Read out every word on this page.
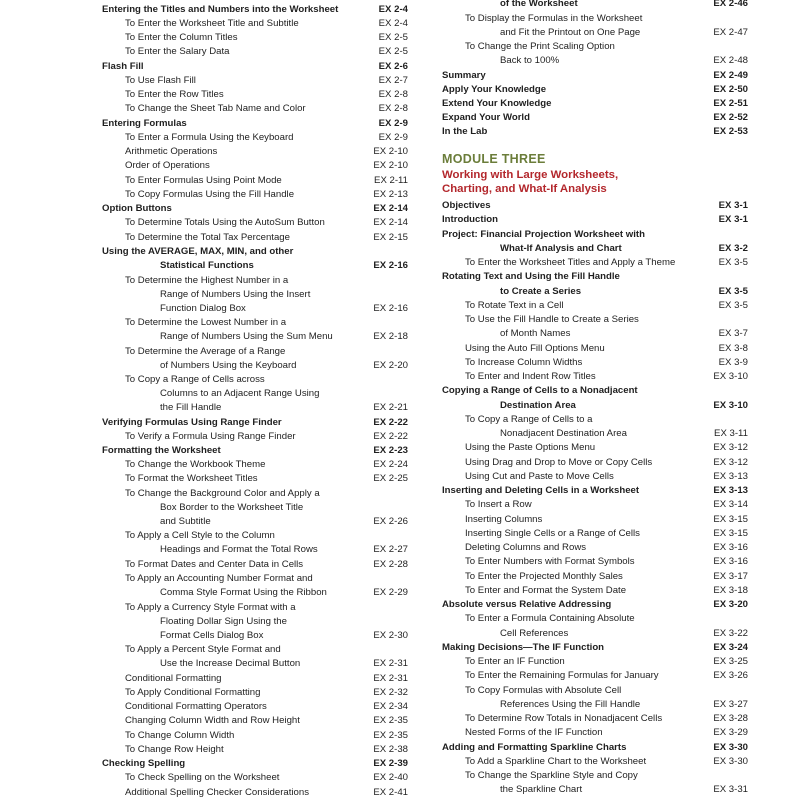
Entering the Titles and Numbers into the Worksheet	EX 2-4
To Enter the Worksheet Title and Subtitle	EX 2-4
To Enter the Column Titles	EX 2-5
To Enter the Salary Data	EX 2-5
Flash Fill	EX 2-6
To Use Flash Fill	EX 2-7
To Enter the Row Titles	EX 2-8
To Change the Sheet Tab Name and Color	EX 2-8
Entering Formulas	EX 2-9
To Enter a Formula Using the Keyboard	EX 2-9
Arithmetic Operations	EX 2-10
Order of Operations	EX 2-10
To Enter Formulas Using Point Mode	EX 2-11
To Copy Formulas Using the Fill Handle	EX 2-13
Option Buttons	EX 2-14
To Determine Totals Using the AutoSum Button	EX 2-14
To Determine the Total Tax Percentage	EX 2-15
Using the AVERAGE, MAX, MIN, and other
Statistical Functions	EX 2-16
To Determine the Highest Number in a
Range of Numbers Using the Insert
Function Dialog Box	EX 2-16
To Determine the Lowest Number in a
Range of Numbers Using the Sum Menu	EX 2-18
To Determine the Average of a Range
of Numbers Using the Keyboard	EX 2-20
To Copy a Range of Cells across
Columns to an Adjacent Range Using
the Fill Handle	EX 2-21
Verifying Formulas Using Range Finder	EX 2-22
To Verify a Formula Using Range Finder	EX 2-22
Formatting the Worksheet	EX 2-23
To Change the Workbook Theme	EX 2-24
To Format the Worksheet Titles	EX 2-25
To Change the Background Color and Apply a
Box Border to the Worksheet Title
and Subtitle	EX 2-26
To Apply a Cell Style to the Column
Headings and Format the Total Rows	EX 2-27
To Format Dates and Center Data in Cells	EX 2-28
To Apply an Accounting Number Format and
Comma Style Format Using the Ribbon	EX 2-29
To Apply a Currency Style Format with a
Floating Dollar Sign Using the
Format Cells Dialog Box	EX 2-30
To Apply a Percent Style Format and
Use the Increase Decimal Button	EX 2-31
Conditional Formatting	EX 2-31
To Apply Conditional Formatting	EX 2-32
Conditional Formatting Operators	EX 2-34
Changing Column Width and Row Height	EX 2-35
To Change Column Width	EX 2-35
To Change Row Height	EX 2-38
Checking Spelling	EX 2-39
To Check Spelling on the Worksheet	EX 2-40
Additional Spelling Checker Considerations	EX 2-41
MODULE THREE
Working with Large Worksheets,
Charting, and What-If Analysis
of the Worksheet	EX 2-46
To Display the Formulas in the Worksheet
and Fit the Printout on One Page	EX 2-47
To Change the Print Scaling Option
Back to 100%	EX 2-48
Summary	EX 2-49
Apply Your Knowledge	EX 2-50
Extend Your Knowledge	EX 2-51
Expand Your World	EX 2-52
In the Lab	EX 2-53
Objectives	EX 3-1
Introduction	EX 3-1
Project: Financial Projection Worksheet with
What-If Analysis and Chart	EX 3-2
To Enter the Worksheet Titles and Apply a Theme	EX 3-5
Rotating Text and Using the Fill Handle
to Create a Series	EX 3-5
To Rotate Text in a Cell	EX 3-5
To Use the Fill Handle to Create a Series
of Month Names	EX 3-7
Using the Auto Fill Options Menu	EX 3-8
To Increase Column Widths	EX 3-9
To Enter and Indent Row Titles	EX 3-10
Copying a Range of Cells to a Nonadjacent
Destination Area	EX 3-10
To Copy a Range of Cells to a
Nonadjacent Destination Area	EX 3-11
Using the Paste Options Menu	EX 3-12
Using Drag and Drop to Move or Copy Cells	EX 3-12
Using Cut and Paste to Move Cells	EX 3-13
Inserting and Deleting Cells in a Worksheet	EX 3-13
To Insert a Row	EX 3-14
Inserting Columns	EX 3-15
Inserting Single Cells or a Range of Cells	EX 3-15
Deleting Columns and Rows	EX 3-16
To Enter Numbers with Format Symbols	EX 3-16
To Enter the Projected Monthly Sales	EX 3-17
To Enter and Format the System Date	EX 3-18
Absolute versus Relative Addressing	EX 3-20
To Enter a Formula Containing Absolute
Cell References	EX 3-22
Making Decisions—The IF Function	EX 3-24
To Enter an IF Function	EX 3-25
To Enter the Remaining Formulas for January	EX 3-26
To Copy Formulas with Absolute Cell
References Using the Fill Handle	EX 3-27
To Determine Row Totals in Nonadjacent Cells	EX 3-28
Nested Forms of the IF Function	EX 3-29
Adding and Formatting Sparkline Charts	EX 3-30
To Add a Sparkline Chart to the Worksheet	EX 3-30
To Change the Sparkline Style and Copy
the Sparkline Chart	EX 3-31
